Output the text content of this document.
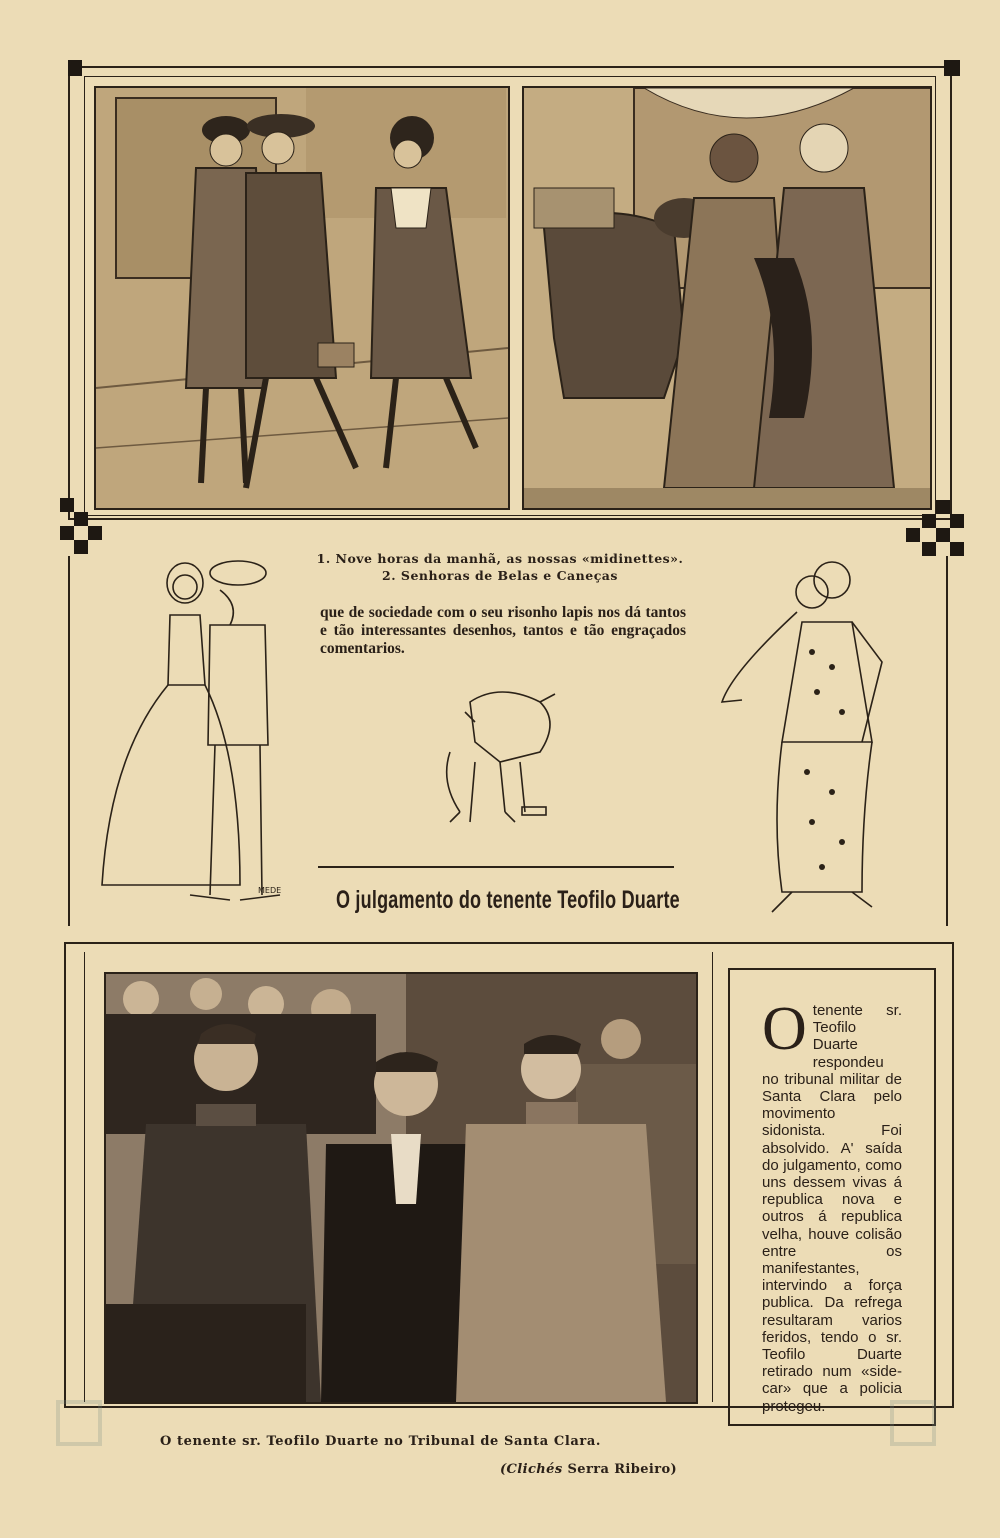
1. Nove horas da manhã, as nossas «midinettes».
2. Senhoras de Belas e Caneças
que de sociedade com o seu risonho lapis nos dá tantos e tão interessantes desenhos, tantos e tão engraçados comentarios.
MEDE O julgamento do tenente Teofilo Duarte
Otenente sr. Teofilo Duarte respondeu no tribunal militar de Santa Clara pelo movimento sidonista. Foi absolvido. A' saída do julgamento, como uns dessem vivas á republica nova e outros á republica velha, houve colisão entre os manifestantes, intervindo a força publica. Da refrega resultaram varios feridos, tendo o sr. Teofilo Duarte retirado num «side-car» que a policia protegeu.
O tenente sr. Teofilo Duarte no Tribunal de Santa Clara.
(Clichés Serra Ribeiro)
